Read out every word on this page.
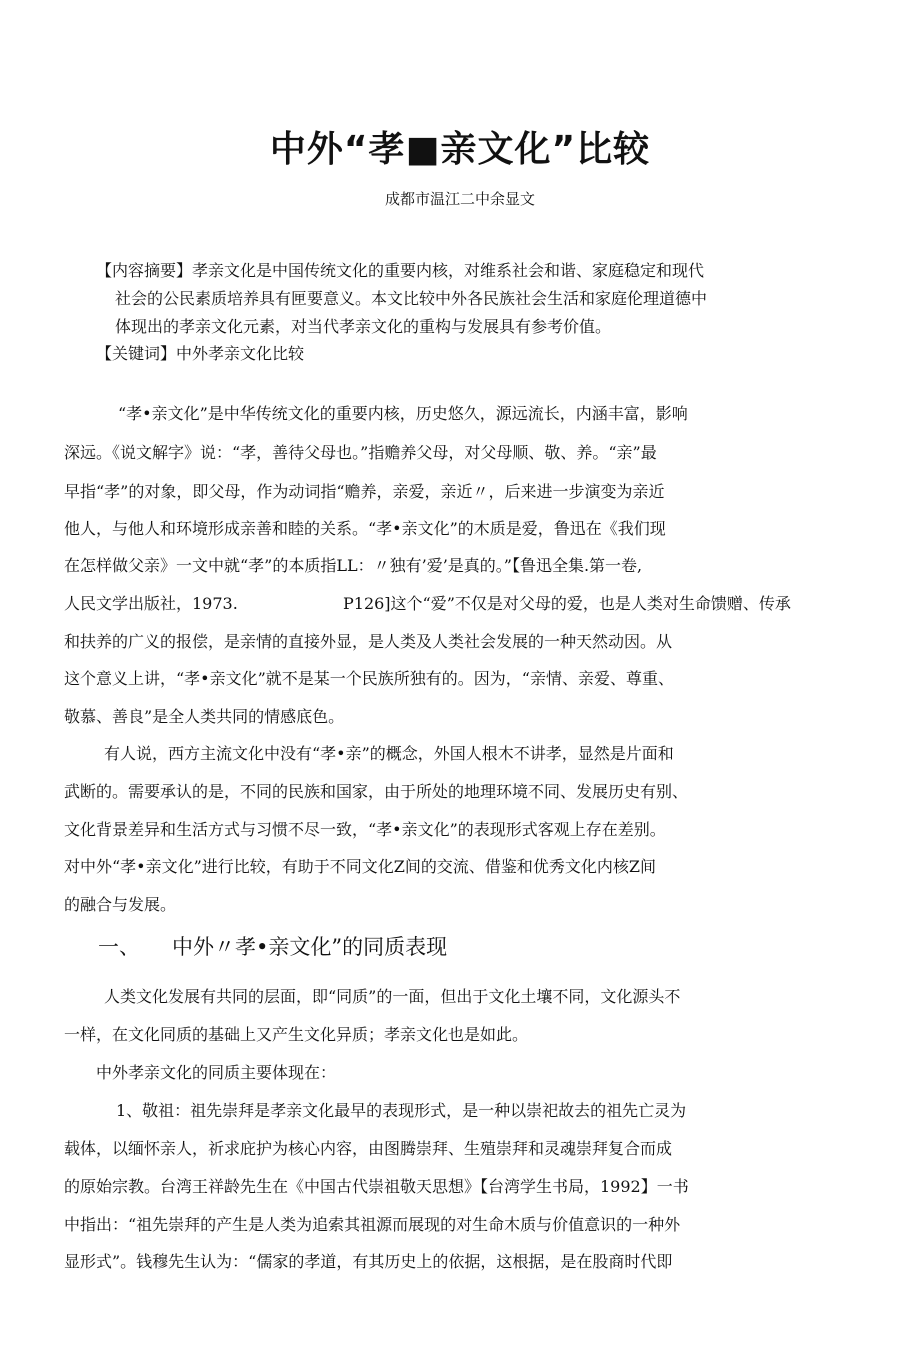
中外“孝■亲文化”比较
成都市温江二中余显文
【内容摘要】孝亲文化是中国传统文化的重要内核，对维系社会和谐、家庭稳定和现代
社会的公民素质培养具有匣要意义。本文比较中外各民族社会生活和家庭伦理道德中
体现出的孝亲文化元素，对当代孝亲文化的重构与发展具有参考价值。
【关键词】中外孝亲文化比较
“孝•亲文化”是中华传统文化的重要内核，历史悠久，源远流长，内涵丰富，影响
深远。《说文解字》说：“孝，善待父母也。”指赡养父母，对父母顺、敬、养。“亲”最
早指“孝”的对象，即父母，作为动词指“赡养，亲爱，亲近〃，后来进一步演变为亲近
他人，与他人和环境形成亲善和睦的关系。“孝•亲文化”的木质是爱，鲁迅在《我们现
在怎样做父亲》一文中就“孝”的本质指LL：〃独有’爱’是真的。”【鲁迅全集.第一卷,
人民文学出版社，1973.	P126]这个“爱”不仅是对父母的爱，也是人类对生命馈赠、传承
和扶养的广义的报偿，是亲情的直接外显，是人类及人类社会发展的一种天然动因。从
这个意义上讲，“孝•亲文化”就不是某一个民族所独有的。因为，“亲情、亲爱、尊重、
敬慕、善良”是全人类共同的情感底色。
有人说，西方主流文化中没有“孝•亲”的概念，外国人根木不讲孝，显然是片面和
武断的。需要承认的是，不同的民族和国家，由于所处的地理环境不同、发展历史有别、
文化背景差异和生活方式与习惯不尽一致，“孝•亲文化”的表现形式客观上存在差别。
对中外“孝•亲文化”进行比较，有助于不同文化Z间的交流、借鉴和优秀文化内核Z间
的融合与发展。
一、 中外〃孝•亲文化”的同质表现
人类文化发展有共同的层面，即“同质”的一面，但出于文化土壤不同，文化源头不
一样，在文化同质的基础上又产生文化异质；孝亲文化也是如此。
中外孝亲文化的同质主要体现在：
1、敬祖：祖先崇拜是孝亲文化最早的表现形式，是一种以崇祀故去的祖先亡灵为
载体，以缅怀亲人，祈求庇护为核心内容，由图腾崇拜、生殖崇拜和灵魂崇拜复合而成
的原始宗教。台湾王祥龄先生在《中国古代崇祖敬天思想》【台湾学生书局，1992】一书
中指出：“祖先崇拜的产生是人类为追索其祖源而展现的对生命木质与价值意识的一种外
显形式”。钱穆先生认为：“儒家的孝道，有其历史上的依据，这根据，是在股商时代即
